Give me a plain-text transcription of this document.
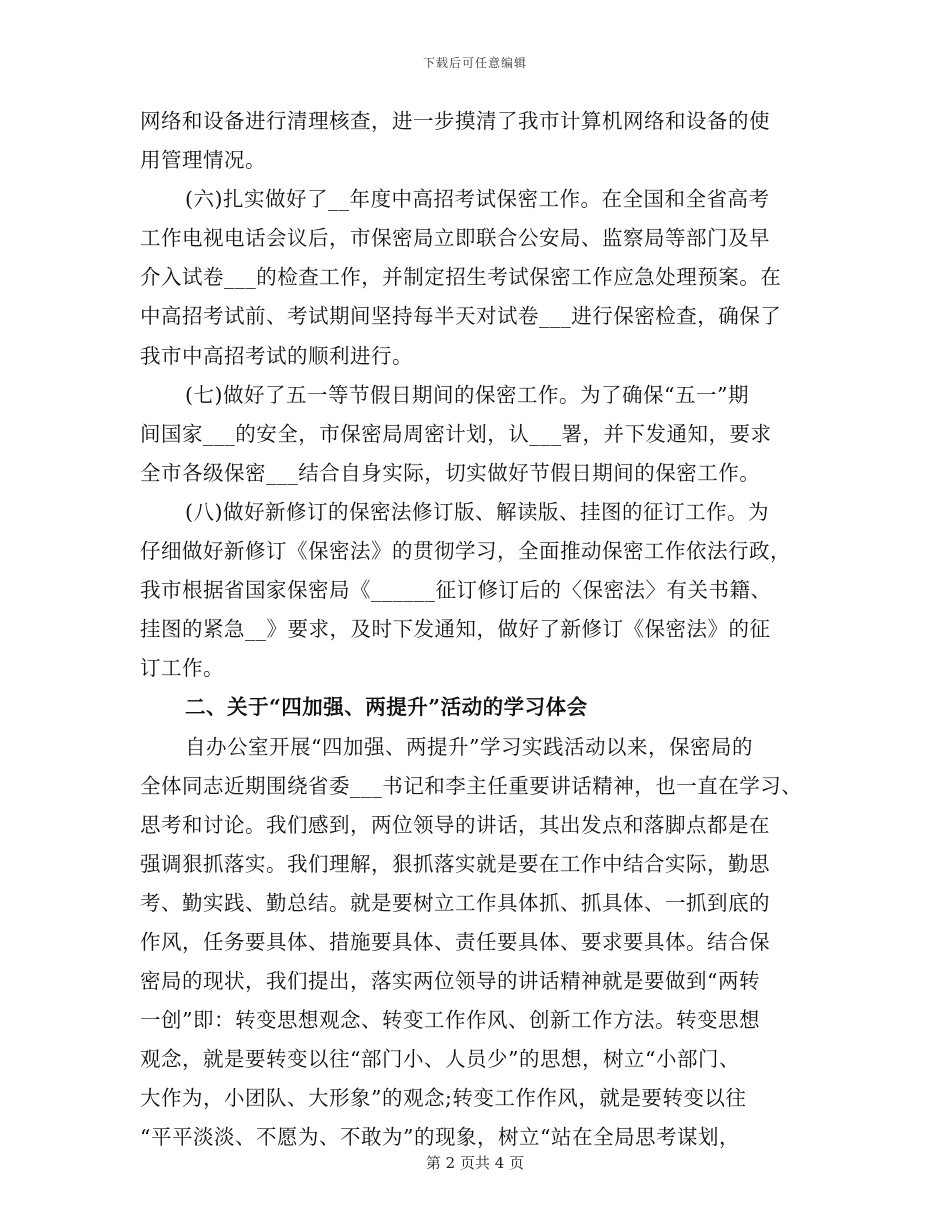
下载后可任意编辑
网络和设备进行清理核查，进一步摸清了我市计算机网络和设备的使
用管理情况。
(六)扎实做好了__年度中高招考试保密工作。在全国和全省高考
工作电视电话会议后，市保密局立即联合公安局、监察局等部门及早
介入试卷___的检查工作，并制定招生考试保密工作应急处理预案。在
中高招考试前、考试期间坚持每半天对试卷___进行保密检查，确保了
我市中高招考试的顺利进行。
(七)做好了五一等节假日期间的保密工作。为了确保“五一”期
间国家___的安全，市保密局周密计划，认___署，并下发通知，要求
全市各级保密___结合自身实际，切实做好节假日期间的保密工作。
(八)做好新修订的保密法修订版、解读版、挂图的征订工作。为
仔细做好新修订《保密法》的贯彻学习，全面推动保密工作依法行政，
我市根据省国家保密局《______征订修订后的〈保密法〉有关书籍、
挂图的紧急__》要求，及时下发通知，做好了新修订《保密法》的征
订工作。
二、关于“四加强、两提升”活动的学习体会
自办公室开展“四加强、两提升”学习实践活动以来，保密局的
全体同志近期围绕省委___书记和李主任重要讲话精神，也一直在学习、
思考和讨论。我们感到，两位领导的讲话，其出发点和落脚点都是在
强调狠抓落实。我们理解，狠抓落实就是要在工作中结合实际，勤思
考、勤实践、勤总结。就是要树立工作具体抓、抓具体、一抓到底的
作风，任务要具体、措施要具体、责任要具体、要求要具体。结合保
密局的现状，我们提出，落实两位领导的讲话精神就是要做到“两转
一创”即：转变思想观念、转变工作作风、创新工作方法。转变思想
观念，就是要转变以往“部门小、人员少”的思想，树立“小部门、
大作为，小团队、大形象”的观念;转变工作作风，就是要转变以往
“平平淡淡、不愿为、不敢为”的现象，树立“站在全局思考谋划，
第 2 页共 4 页
